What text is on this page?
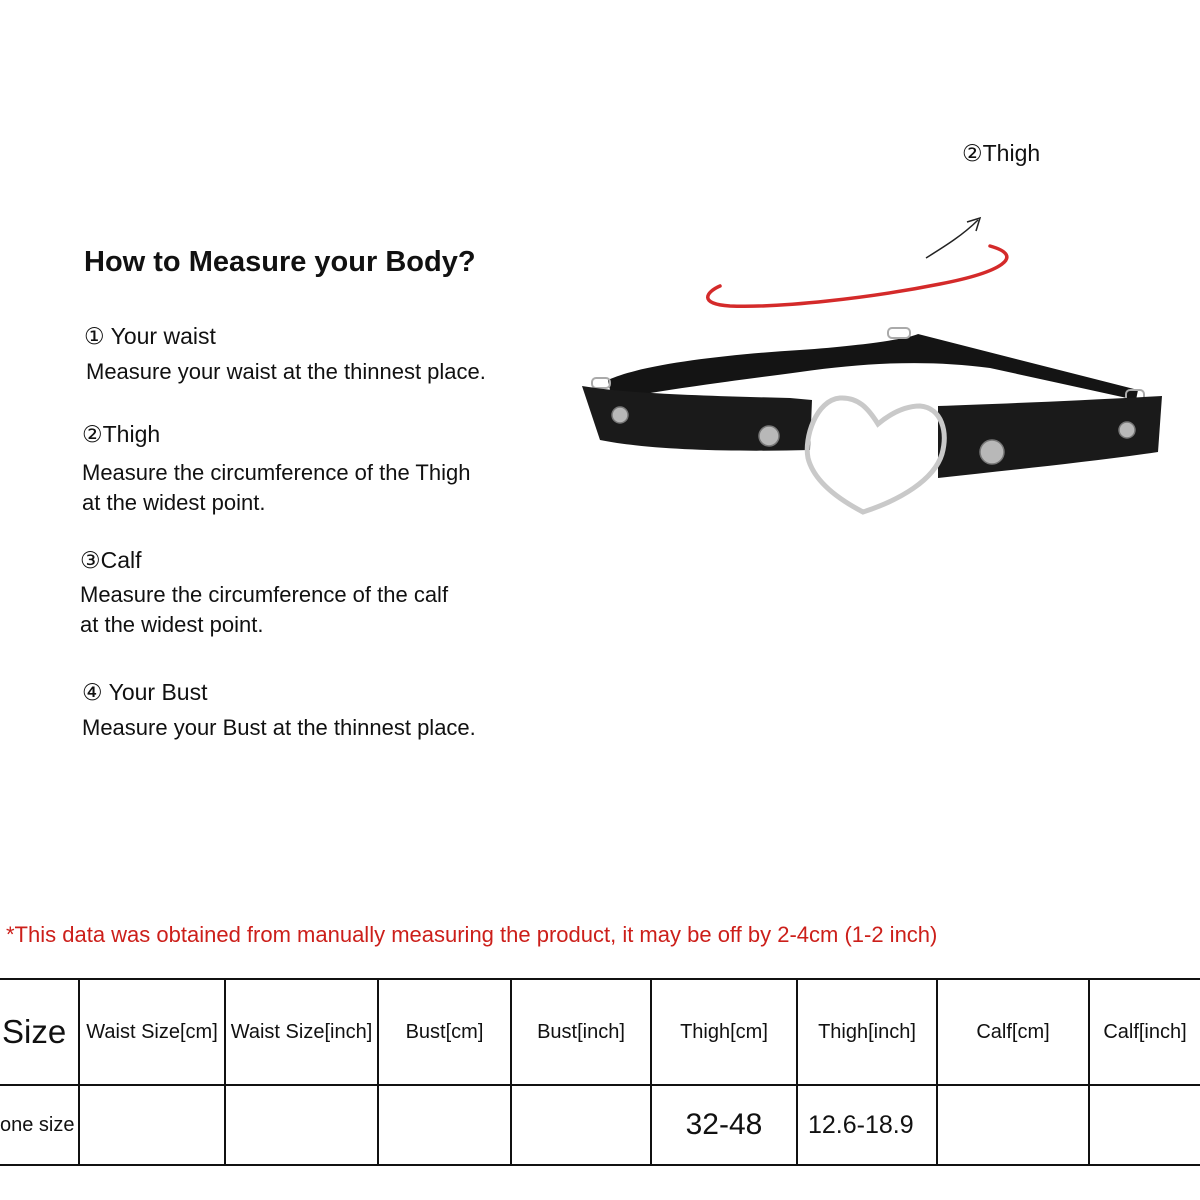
How to Measure your Body?
① Your waist
Measure your waist at the thinnest place.
②Thigh
Measure the circumference of the Thigh
at the widest point.
③Calf
Measure the circumference of the calf
at the widest point.
④ Your Bust
Measure your Bust at the thinnest place.
②Thigh
*This data was obtained from manually measuring the product, it may be off by 2-4cm (1-2 inch)
Size	Waist Size[cm]	Waist Size[inch]	Bust[cm]	Bust[inch]	Thigh[cm]	Thigh[inch]	Calf[cm]	Calf[inch]
one size					32-48	12.6-18.9		
